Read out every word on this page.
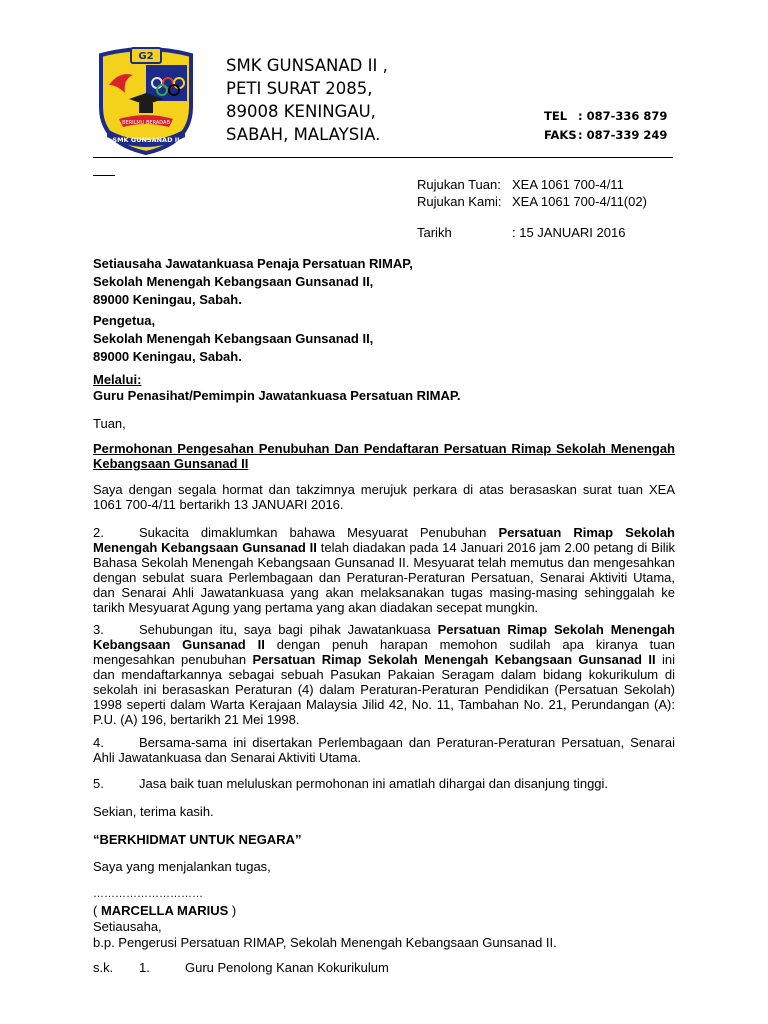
G2
BERILMU BERADAB
SMK GUNSANAD II
SMK GUNSANAD II ,
PETI SURAT 2085,
89008 KENINGAU,
SABAH, MALAYSIA.
TEL : 087-336 879
FAKS: 087-339 249
Rujukan Tuan: XEA 1061 700-4/11
Rujukan Kami: XEA 1061 700-4/11(02)
Tarikh	: 15 JANUARI 2016
Setiausaha Jawatankuasa Penaja Persatuan RIMAP,
Sekolah Menengah Kebangsaan Gunsanad II,
89000 Keningau, Sabah.
Pengetua,
Sekolah Menengah Kebangsaan Gunsanad II,
89000 Keningau, Sabah.
Melalui:
Guru Penasihat/Pemimpin Jawatankuasa Persatuan RIMAP.
Tuan,
Permohonan Pengesahan Penubuhan Dan Pendaftaran Persatuan Rimap Sekolah Menengah Kebangsaan Gunsanad II
Saya dengan segala hormat dan takzimnya merujuk perkara di atas berasaskan surat tuan XEA 1061 700-4/11 bertarikh 13 JANUARI 2016.
2.	Sukacita dimaklumkan bahawa Mesyuarat Penubuhan Persatuan Rimap Sekolah Menengah Kebangsaan Gunsanad II telah diadakan pada 14 Januari 2016 jam 2.00 petang di Bilik Bahasa Sekolah Menengah Kebangsaan Gunsanad II. Mesyuarat telah memutus dan mengesahkan dengan sebulat suara Perlembagaan dan Peraturan-Peraturan Persatuan, Senarai Aktiviti Utama, dan Senarai Ahli Jawatankuasa yang akan melaksanakan tugas masing-masing sehinggalah ke tarikh Mesyuarat Agung yang pertama yang akan diadakan secepat mungkin.
3.	Sehubungan itu, saya bagi pihak Jawatankuasa Persatuan Rimap Sekolah Menengah Kebangsaan Gunsanad II dengan penuh harapan memohon sudilah apa kiranya tuan mengesahkan penubuhan Persatuan Rimap Sekolah Menengah Kebangsaan Gunsanad II ini dan mendaftarkannya sebagai sebuah Pasukan Pakaian Seragam dalam bidang kokurikulum di sekolah ini berasaskan Peraturan (4) dalam Peraturan-Peraturan Pendidikan (Persatuan Sekolah) 1998 seperti dalam Warta Kerajaan Malaysia Jilid 42, No. 11, Tambahan No. 21, Perundangan (A): P.U. (A) 196, bertarikh 21 Mei 1998.
4.	Bersama-sama ini disertakan Perlembagaan dan Peraturan-Peraturan Persatuan, Senarai Ahli Jawatankuasa dan Senarai Aktiviti Utama.
5.	Jasa baik tuan meluluskan permohonan ini amatlah dihargai dan disanjung tinggi.
Sekian, terima kasih.
“BERKHIDMAT UNTUK NEGARA”
Saya yang menjalankan tugas,
…………………………
( MARCELLA MARIUS )
Setiausaha,
b.p. Pengerusi Persatuan RIMAP, Sekolah Menengah Kebangsaan Gunsanad II.
s.k. 1.	Guru Penolong Kanan Kokurikulum
